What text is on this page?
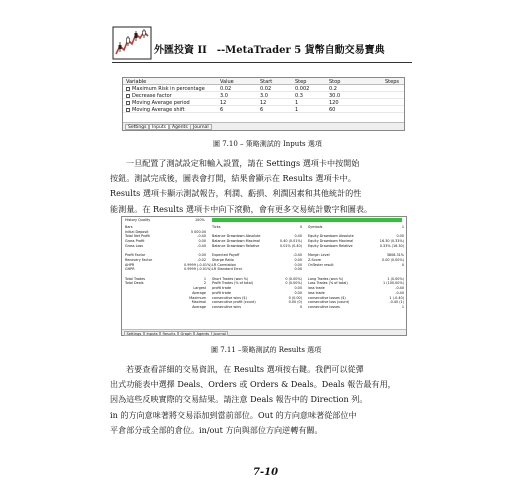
外匯投資 II --MetaTrader 5 貨幣自動交易寶典
Variable	Value	Start	Step	Stop	Steps
Maximum Risk in percentage	0.02	0.02	0.002	0.2
Decrease factor	3.0	3.0	0.3	30.0
Moving Average period	12	12	1	120
Moving Average shift	6	6	1	60
Settings	Inputs	Agents	Journal
圖 7.10 – 策略測試的 Inputs 選項

一旦配置了測試設定和輸入設置，請在 Settings 選項卡中按開始

按鈕。測試完成後，圖表會打開，結果會顯示在 Results 選項卡中。

Results 選項卡顯示測試報告，利潤、虧損、利潤因素和其他統計的性

能測量。在 Results 選項卡中向下滾動，會有更多交易統計數字和圖表。

History Quality	100%
Bars	Ticks	0 Symbols	1
Initial Deposit	5 000.00
Total Net Profit	-0.40 Balance Drawdown Absolute	0.40 Equity Drawdown Absolute	0.00
Gross Profit	0.00 Balance Drawdown Maximal	0.40 (0.01%) Equity Drawdown Maximal	16.30 (0.33%)
Gross Loss	-0.40 Balance Drawdown Relative	0.01% (0.40) Equity Drawdown Relative	0.33% (16.30)
Profit Factor	0.00 Expected Payoff	-0.40 Margin Level	3808.31%
Recovery Factor	-0.02 Sharpe Ratio	0.00 Z-Score	0.00 (0.00%)
AHPR	0.9999 (-0.01%) LR Correlation	0.00 OnTester result	0
GHPR	0.9999 (-0.01%) LR Standard Error	0.00
Total Trades	1 Short Trades (won %)	0 (0.00%) Long Trades (won %)	1 (0.00%)
Total Deals	2 Profit Trades (% of total)	0 (0.00%) Loss Trades (% of total)	1 (100.00%)
Largest profit trade	0.00 loss trade	-0.40
Average profit trade	0.00 loss trade	-0.40
Maximum consecutive wins ($)	0 (0.00) consecutive losses ($)	1 (-0.40)
Maximal consecutive profit (count)	0.00 (0) consecutive loss (count)	-0.40 (1)
Average consecutive wins	0 consecutive losses	1
Settings	Inputs	Results	Graph	Agents	Journal
圖 7.11 –策略測試的 Results 選項

若要查看詳細的交易資訊，在 Results 選項按右鍵。我們可以從彈

出式功能表中選擇 Deals、Orders 或 Orders & Deals。Deals 報告最有用，

因為這些反映實際的交易結果。請注意 Deals 報告中的 Direction 列。

in 的方向意味著將交易添加到當前部位。Out 的方向意味著從部位中

平倉部分或全部的倉位。in/out 方向與部位方向逆轉有關。

7-10
